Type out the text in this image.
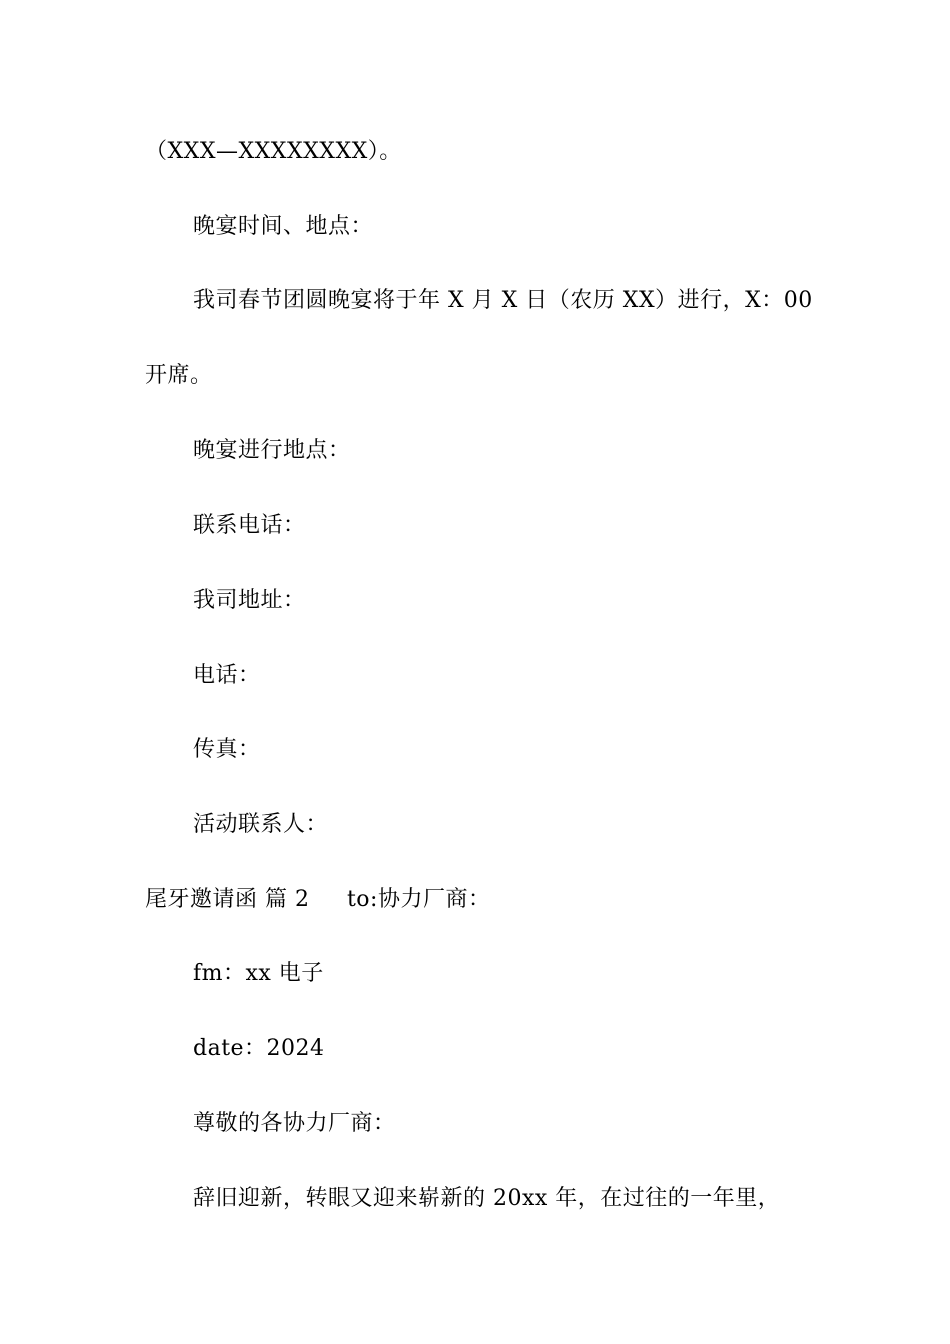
（XXX—XXXXXXXX）。
晚宴时间、地点：
我司春节团圆晚宴将于年 X 月 X 日（农历 XX）进行，X：00
开席。
晚宴进行地点：
联系电话：
我司地址：
电话：
传真：
活动联系人：
尾牙邀请函 篇 2     to:协力厂商：
fm：xx 电子
date：2024
尊敬的各协力厂商：
辞旧迎新，转眼又迎来崭新的 20xx 年，在过往的一年里，
